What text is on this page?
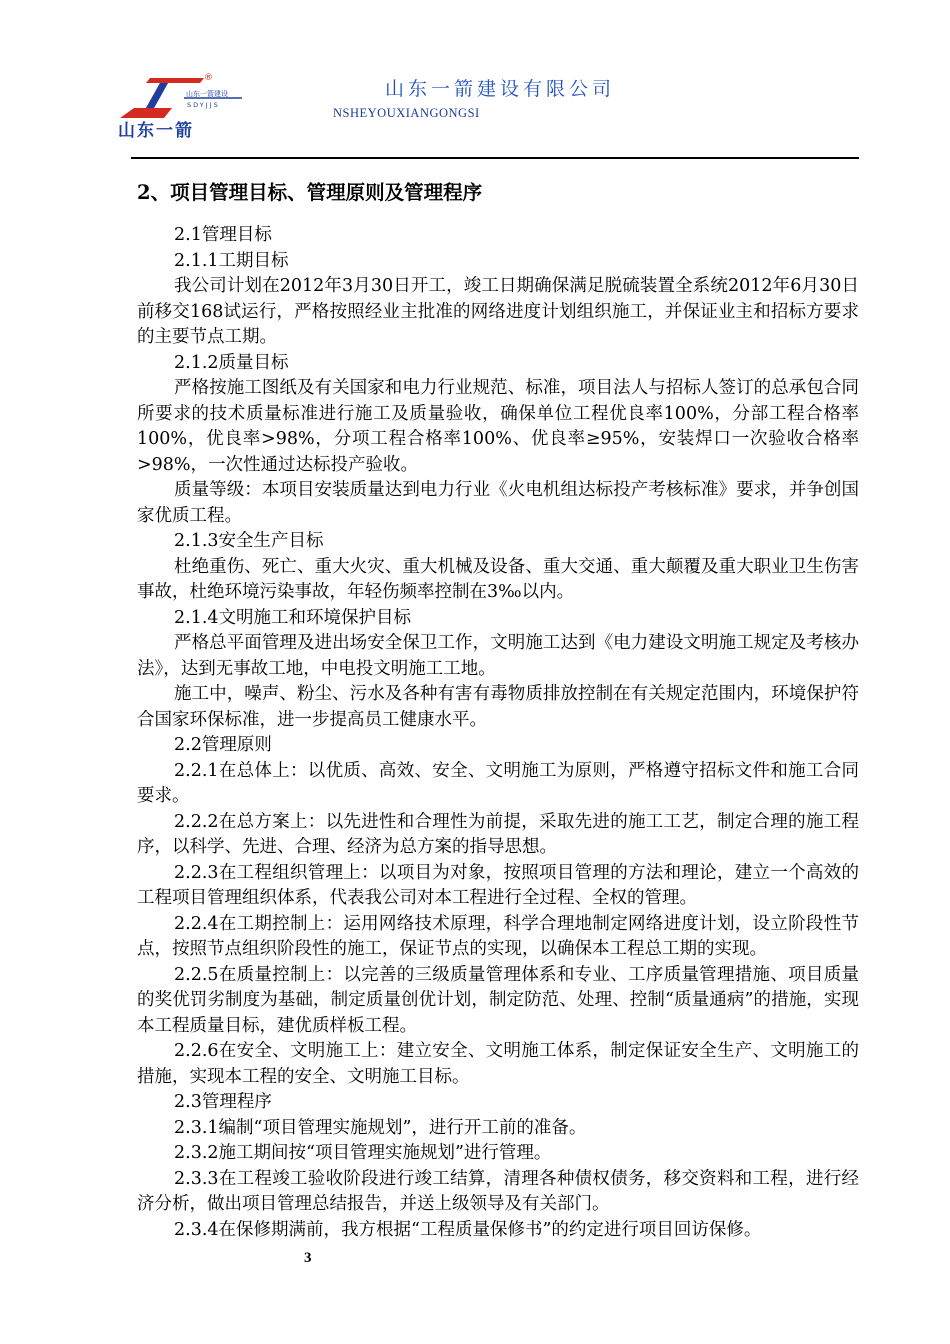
山东一箭建设
SDYJJS
®
山东一箭
山东一箭建设有限公司
NSHEYOUXIANGONGSI
2、项目管理目标、管理原则及管理程序

2.1管理目标

2.1.1工期目标

我公司计划在2012年3月30日开工，竣工日期确保满足脱硫装置全系统2012年6月30日前移交168试运行，严格按照经业主批准的网络进度计划组织施工，并保证业主和招标方要求的主要节点工期。

2.1.2质量目标

严格按施工图纸及有关国家和电力行业规范、标准，项目法人与招标人签订的总承包合同所要求的技术质量标准进行施工及质量验收，确保单位工程优良率100%，分部工程合格率100%，优良率>98%，分项工程合格率100%、优良率≥95%，安装焊口一次验收合格率>98%，一次性通过达标投产验收。

质量等级：本项目安装质量达到电力行业《火电机组达标投产考核标准》要求，并争创国家优质工程。

2.1.3安全生产目标

杜绝重伤、死亡、重大火灾、重大机械及设备、重大交通、重大颠覆及重大职业卫生伤害事故，杜绝环境污染事故，年轻伤频率控制在3‰以内。

2.1.4文明施工和环境保护目标

严格总平面管理及进出场安全保卫工作，文明施工达到《电力建设文明施工规定及考核办法》，达到无事故工地，中电投文明施工工地。

施工中，噪声、粉尘、污水及各种有害有毒物质排放控制在有关规定范围内，环境保护符合国家环保标准，进一步提高员工健康水平。

2.2管理原则

2.2.1在总体上：以优质、高效、安全、文明施工为原则，严格遵守招标文件和施工合同要求。

2.2.2在总方案上：以先进性和合理性为前提，采取先进的施工工艺，制定合理的施工程序，以科学、先进、合理、经济为总方案的指导思想。

2.2.3在工程组织管理上：以项目为对象，按照项目管理的方法和理论，建立一个高效的工程项目管理组织体系，代表我公司对本工程进行全过程、全权的管理。

2.2.4在工期控制上：运用网络技术原理，科学合理地制定网络进度计划，设立阶段性节点，按照节点组织阶段性的施工，保证节点的实现，以确保本工程总工期的实现。

2.2.5在质量控制上：以完善的三级质量管理体系和专业、工序质量管理措施、项目质量的奖优罚劣制度为基础，制定质量创优计划，制定防范、处理、控制“质量通病”的措施，实现本工程质量目标，建优质样板工程。

2.2.6在安全、文明施工上：建立安全、文明施工体系，制定保证安全生产、文明施工的措施，实现本工程的安全、文明施工目标。

2.3管理程序

2.3.1编制“项目管理实施规划”，进行开工前的准备。

2.3.2施工期间按“项目管理实施规划”进行管理。

2.3.3在工程竣工验收阶段进行竣工结算，清理各种债权债务，移交资料和工程，进行经济分析，做出项目管理总结报告，并送上级领导及有关部门。

2.3.4在保修期满前，我方根据“工程质量保修书”的约定进行项目回访保修。

3
